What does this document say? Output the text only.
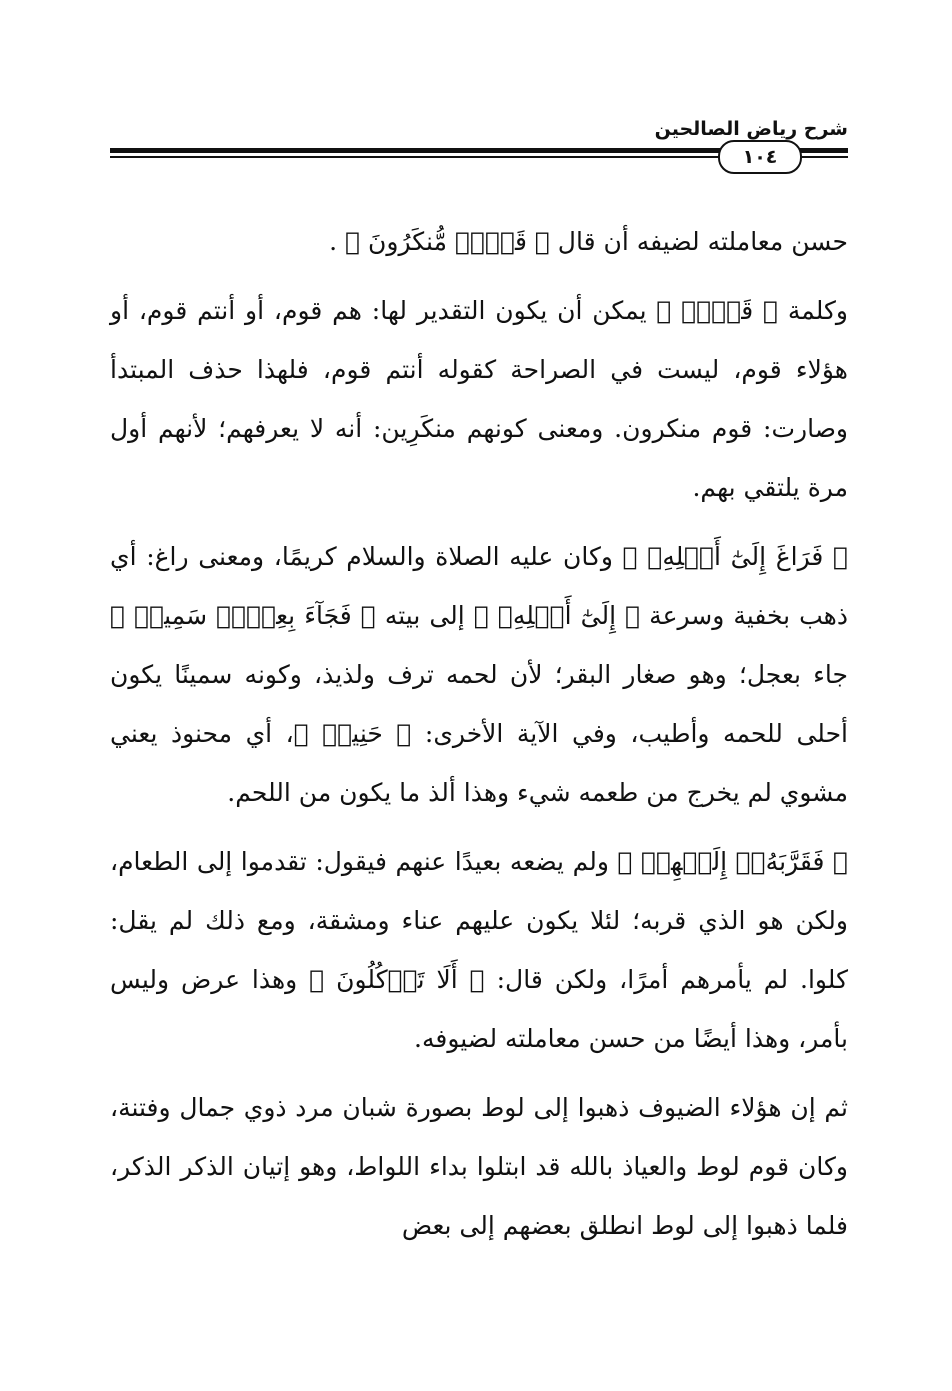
شرح رياض الصالحين
١٠٤

حسن معاملته لضيفه أن قال ﴿ قَوۡمٞ مُّنكَرُونَ ﴾ .

وكلمة ﴿ قَوۡمٞ ﴾ يمكن أن يكون التقدير لها: هم قوم، أو أنتم قوم، أو هؤلاء قوم، ليست في الصراحة كقوله أنتم قوم، فلهذا حذف المبتدأ وصارت: قوم منكرون. ومعنى كونهم منكَرِين: أنه لا يعرفهم؛ لأنهم أول مرة يلتقي بهم.

﴿ فَرَاغَ إِلَىٰٓ أَهۡلِهِۦ ﴾ وكان عليه الصلاة والسلام كريمًا، ومعنى راغ: أي ذهب بخفية وسرعة ﴿ إِلَىٰٓ أَهۡلِهِۦ ﴾ إلى بيته ﴿ فَجَآءَ بِعِجۡلٖ سَمِينٖ ﴾ جاء بعجل؛ وهو صغار البقر؛ لأن لحمه ترف ولذيذ، وكونه سمينًا يكون أحلى للحمه وأطيب، وفي الآية الأخرى: ﴿ حَنِيذٖ ﴾، أي محنوذ يعني مشوي لم يخرج من طعمه شيء وهذا ألذ ما يكون من اللحم.

﴿ فَقَرَّبَهُۥٓ إِلَيۡهِمۡ ﴾ ولم يضعه بعيدًا عنهم فيقول: تقدموا إلى الطعام، ولكن هو الذي قربه؛ لئلا يكون عليهم عناء ومشقة، ومع ذلك لم يقل: كلوا. لم يأمرهم أمرًا، ولكن قال: ﴿ أَلَا تَأۡكُلُونَ ﴾ وهذا عرض وليس بأمر، وهذا أيضًا من حسن معاملته لضيوفه.

ثم إن هؤلاء الضيوف ذهبوا إلى لوط بصورة شبان مرد ذوي جمال وفتنة، وكان قوم لوط والعياذ بالله قد ابتلوا بداء اللواط، وهو إتيان الذكر الذكر، فلما ذهبوا إلى لوط انطلق بعضهم إلى بعض
